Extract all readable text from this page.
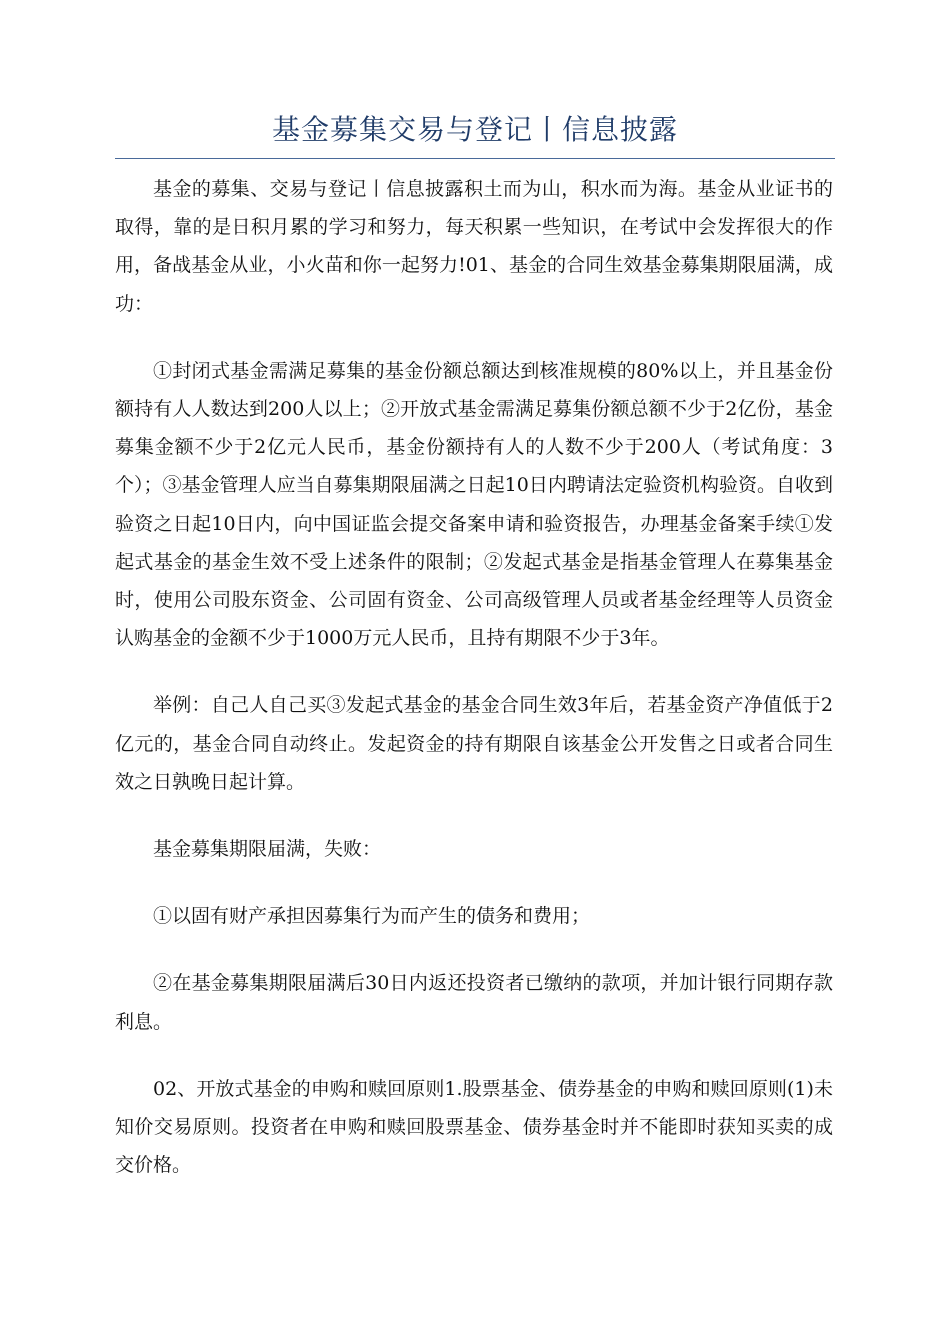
基金募集交易与登记丨信息披露

基金的募集、交易与登记丨信息披露积土而为山，积水而为海。基金从业证书的取得，靠的是日积月累的学习和努力，每天积累一些知识，在考试中会发挥很大的作用，备战基金从业，小火苗和你一起努力!01、基金的合同生效基金募集期限届满，成功：

①封闭式基金需满足募集的基金份额总额达到核准规模的80%以上，并且基金份额持有人人数达到200人以上；②开放式基金需满足募集份额总额不少于2亿份，基金募集金额不少于2亿元人民币，基金份额持有人的人数不少于200人（考试角度：3个）；③基金管理人应当自募集期限届满之日起10日内聘请法定验资机构验资。自收到验资之日起10日内，向中国证监会提交备案申请和验资报告，办理基金备案手续①发起式基金的基金生效不受上述条件的限制；②发起式基金是指基金管理人在募集基金时，使用公司股东资金、公司固有资金、公司高级管理人员或者基金经理等人员资金认购基金的金额不少于1000万元人民币，且持有期限不少于3年。

举例：自己人自己买③发起式基金的基金合同生效3年后，若基金资产净值低于2亿元的，基金合同自动终止。发起资金的持有期限自该基金公开发售之日或者合同生效之日孰晚日起计算。

基金募集期限届满，失败：

①以固有财产承担因募集行为而产生的债务和费用；

②在基金募集期限届满后30日内返还投资者已缴纳的款项，并加计银行同期存款利息。

02、开放式基金的申购和赎回原则1.股票基金、债券基金的申购和赎回原则(1)未知价交易原则。投资者在申购和赎回股票基金、债券基金时并不能即时获知买卖的成交价格。
